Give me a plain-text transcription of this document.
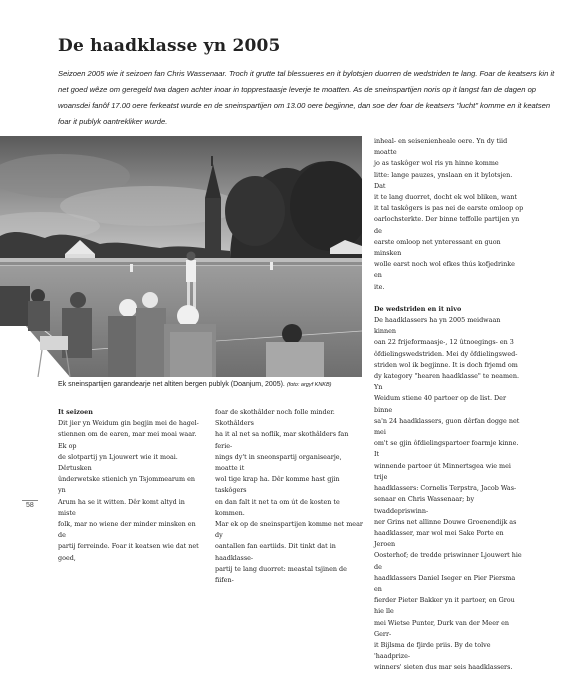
De haadklasse yn 2005

Seizoen 2005 wie it seizoen fan Chris Wassenaar. Troch it grutte tal blessueres en it bylotsjen duorren de wedstriden te lang. Foar de keatsers kin it net goed wêze om geregeld twa dagen achter inoar in topprestaasje leverje te moatten. As de sneinspartijen noris op it langst fan de dagen op woansdei fanôf 17.00 oere ferkeatst wurde en de sneinspartijen om 13.00 oere begjinne, dan soe der foar de keatsers "lucht" komme en it keatsen foar it publyk oantrekliker wurde.

Ek sneinspartijen garandearje net altiten bergen publyk (Doanjum, 2005). (foto: argyf KNKB)

It seizoen

Dit jier yn Weidum gin begjin mei de hagel-

stiennen om de earen, mar mei moai waar. Ek op

de slotpartij yn Ljouwert wie it moai. Dêrtusken

ûnderwetske stienich yn Tsjommearum en yn

Arum ha se it witten. Dêr komt altyd in miste

folk, mar no wiene der minder minsken en de

partij ferreinde. Foar it keatsen wie dat net goed,

foar de skothâlder noch folle minder. Skothâlders

ha it al net sa noflik, mar skothâlders fan ferie-

nings dy't in sneonspartij organisearje, moatte it

wol tige krap ha. Dêr komme hast gjin taskôgers

en dan falt it net ta om út de kosten te kommen.

Mar ek op de sneinspartijen komme net mear dy

oantallen fan eartiids. Dit tinkt dat in haadklasse-

partij te lang duorret: meastal tsjinen de fiifen-

inheal- en seisenienheale oere. Yn dy tiid moatte

jo as taskôger wol ris yn hinne komme

litte: lange pauzes, ynslaan en it bylotsjen. Dat

it te lang duorret, docht ek wol bliken, want

it tal taskôgers is pas nei de earste omloop op

oarlochsterkte. Der binne teffolle partijen yn de

earste omloop net ynteressant en guon minsken

wolle earst noch wol efkes thús kofjedrinke en

ite.

De wedstriden en it nivo

De haadklassers ha yn 2005 meidwaan kinnen

oan 22 frijeformaasje-, 12 ûtnoegings- en 3

ôfdielingswedstriden. Mei dy ôfdielingswed-

striden wol ik begjinne. It is doch frjemd om

dy kategory "hearen haadklasse" te neamen. Yn

Weidum stiene 40 partoer op de list. Der binne

sa'n 24 haadklassers, guon dêrfan dogge net mei

om't se gjin ôfdielingspartoer foarmje kinne. It

winnende partoer út Minnertsgea wie mei trije

haadklassers: Cornelis Terpstra, Jacob Was-

senaar en Chris Wassenaar; by twaddepriswinn-

ner Grins net allinne Douwe Groenendijk as

haadklasser, mar wol mei Sake Porte en Jeroen

Oosterhof; de tredde priswinner Ljouwert hie de

haadklassers Daniel Iseger en Pier Piersma en

fierder Pieter Bakker yn it partoer, en Grou hie lle

mei Wietse Punter, Durk van der Meer en Gerr-

it Bijlsma de fjirde priis. By de tolve 'haadprize-

winners' sieten dus mar seis haadklassers.

58
